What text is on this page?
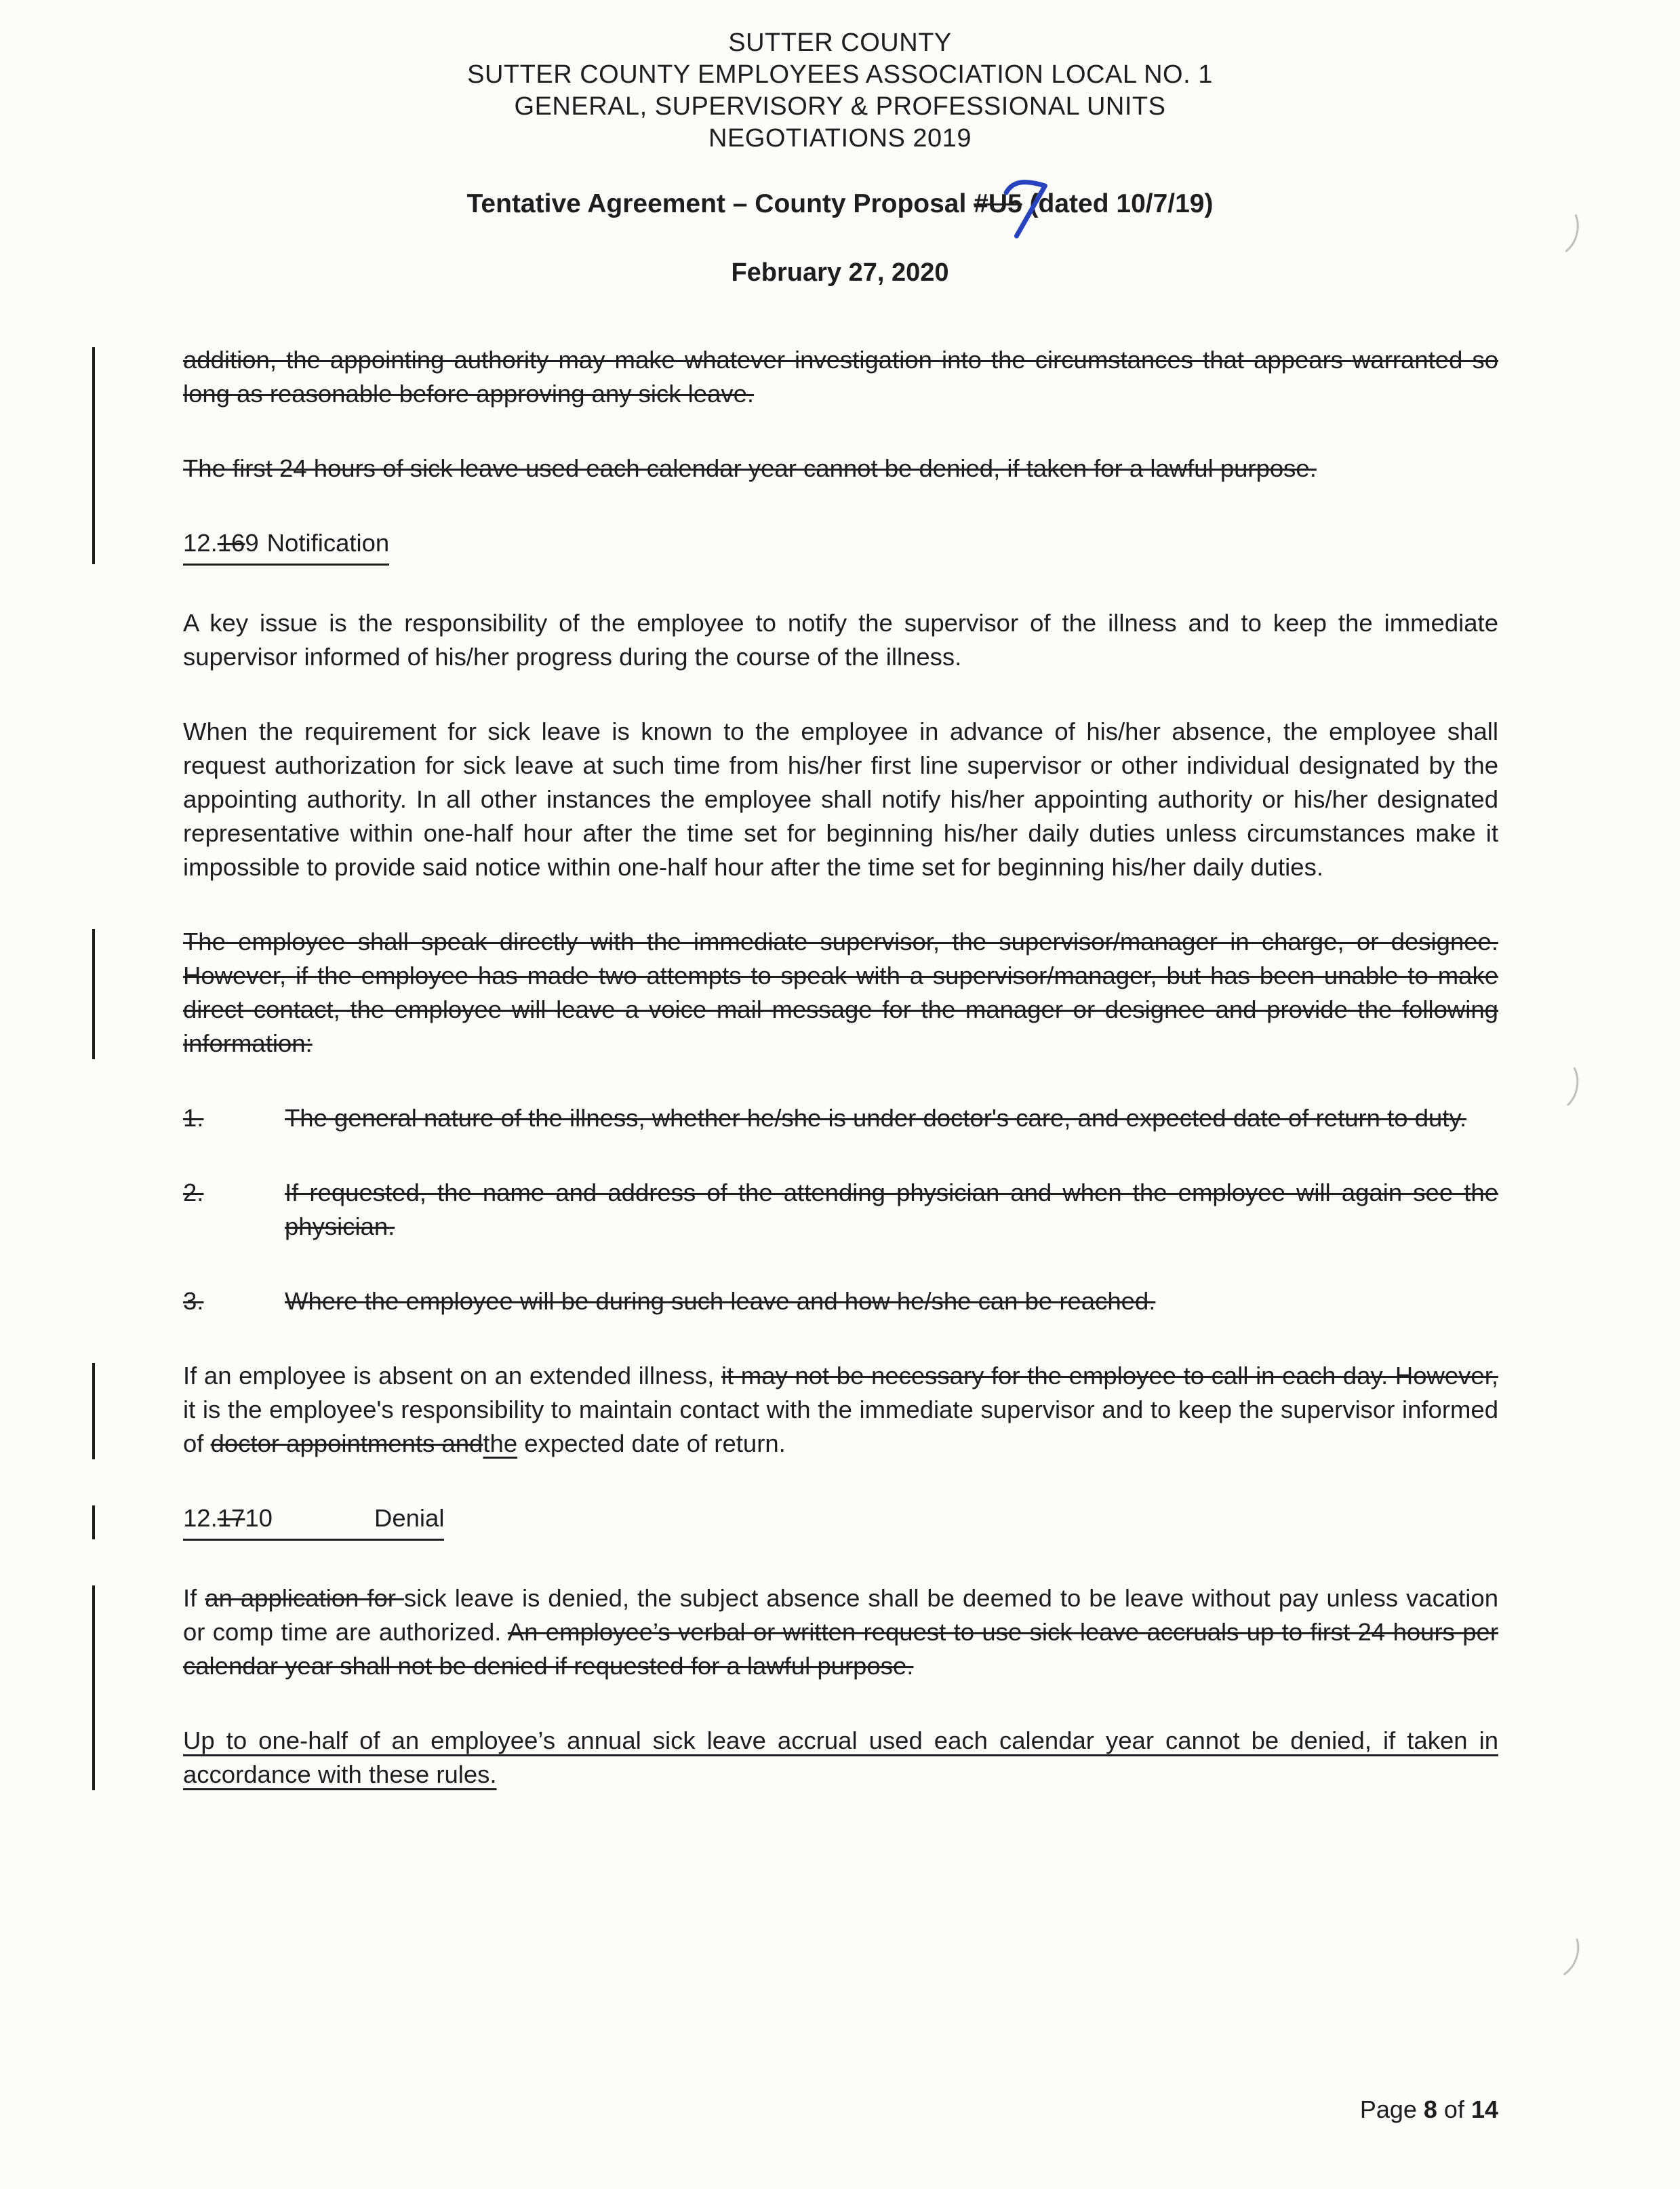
SUTTER COUNTY
SUTTER COUNTY EMPLOYEES ASSOCIATION LOCAL NO. 1
GENERAL, SUPERVISORY & PROFESSIONAL UNITS
NEGOTIATIONS 2019
Tentative Agreement – County Proposal #U5
(dated 10/7/19)
February 27, 2020

addition, the appointing authority may make whatever investigation into the circumstances that appears warranted so long as reasonable before approving any sick leave.

The first 24 hours of sick leave used each calendar year cannot be denied, if taken for a lawful purpose.

12.169 Notification

A key issue is the responsibility of the employee to notify the supervisor of the illness and to keep the immediate supervisor informed of his/her progress during the course of the illness.

When the requirement for sick leave is known to the employee in advance of his/her absence, the employee shall request authorization for sick leave at such time from his/her first line supervisor or other individual designated by the appointing authority. In all other instances the employee shall notify his/her appointing authority or his/her designated representative within one-half hour after the time set for beginning his/her daily duties unless circumstances make it impossible to provide said notice within one-half hour after the time set for beginning his/her daily duties.

The employee shall speak directly with the immediate supervisor, the supervisor/manager in charge, or designee. However, if the employee has made two attempts to speak with a supervisor/manager, but has been unable to make direct contact, the employee will leave a voice mail message for the manager or designee and provide the following information:

1.	The general nature of the illness, whether he/she is under doctor's care, and expected date of return to duty.
2.	If requested, the name and address of the attending physician and when the employee will again see the physician.
3.	Where the employee will be during such leave and how he/she can be reached.

If an employee is absent on an extended illness, it may not be necessary for the employee to call in each day. However, it is the employee's responsibility to maintain contact with the immediate supervisor and to keep the supervisor informed of doctor appointments andthe expected date of return.

12.1710	Denial

If an application for sick leave is denied, the subject absence shall be deemed to be leave without pay unless vacation or comp time are authorized. An employee’s verbal or written request to use sick leave accruals up to first 24 hours per calendar year shall not be denied if requested for a lawful purpose.

Up to one-half of an employee’s annual sick leave accrual used each calendar year cannot be denied, if taken in accordance with these rules.

Page 8 of 14
